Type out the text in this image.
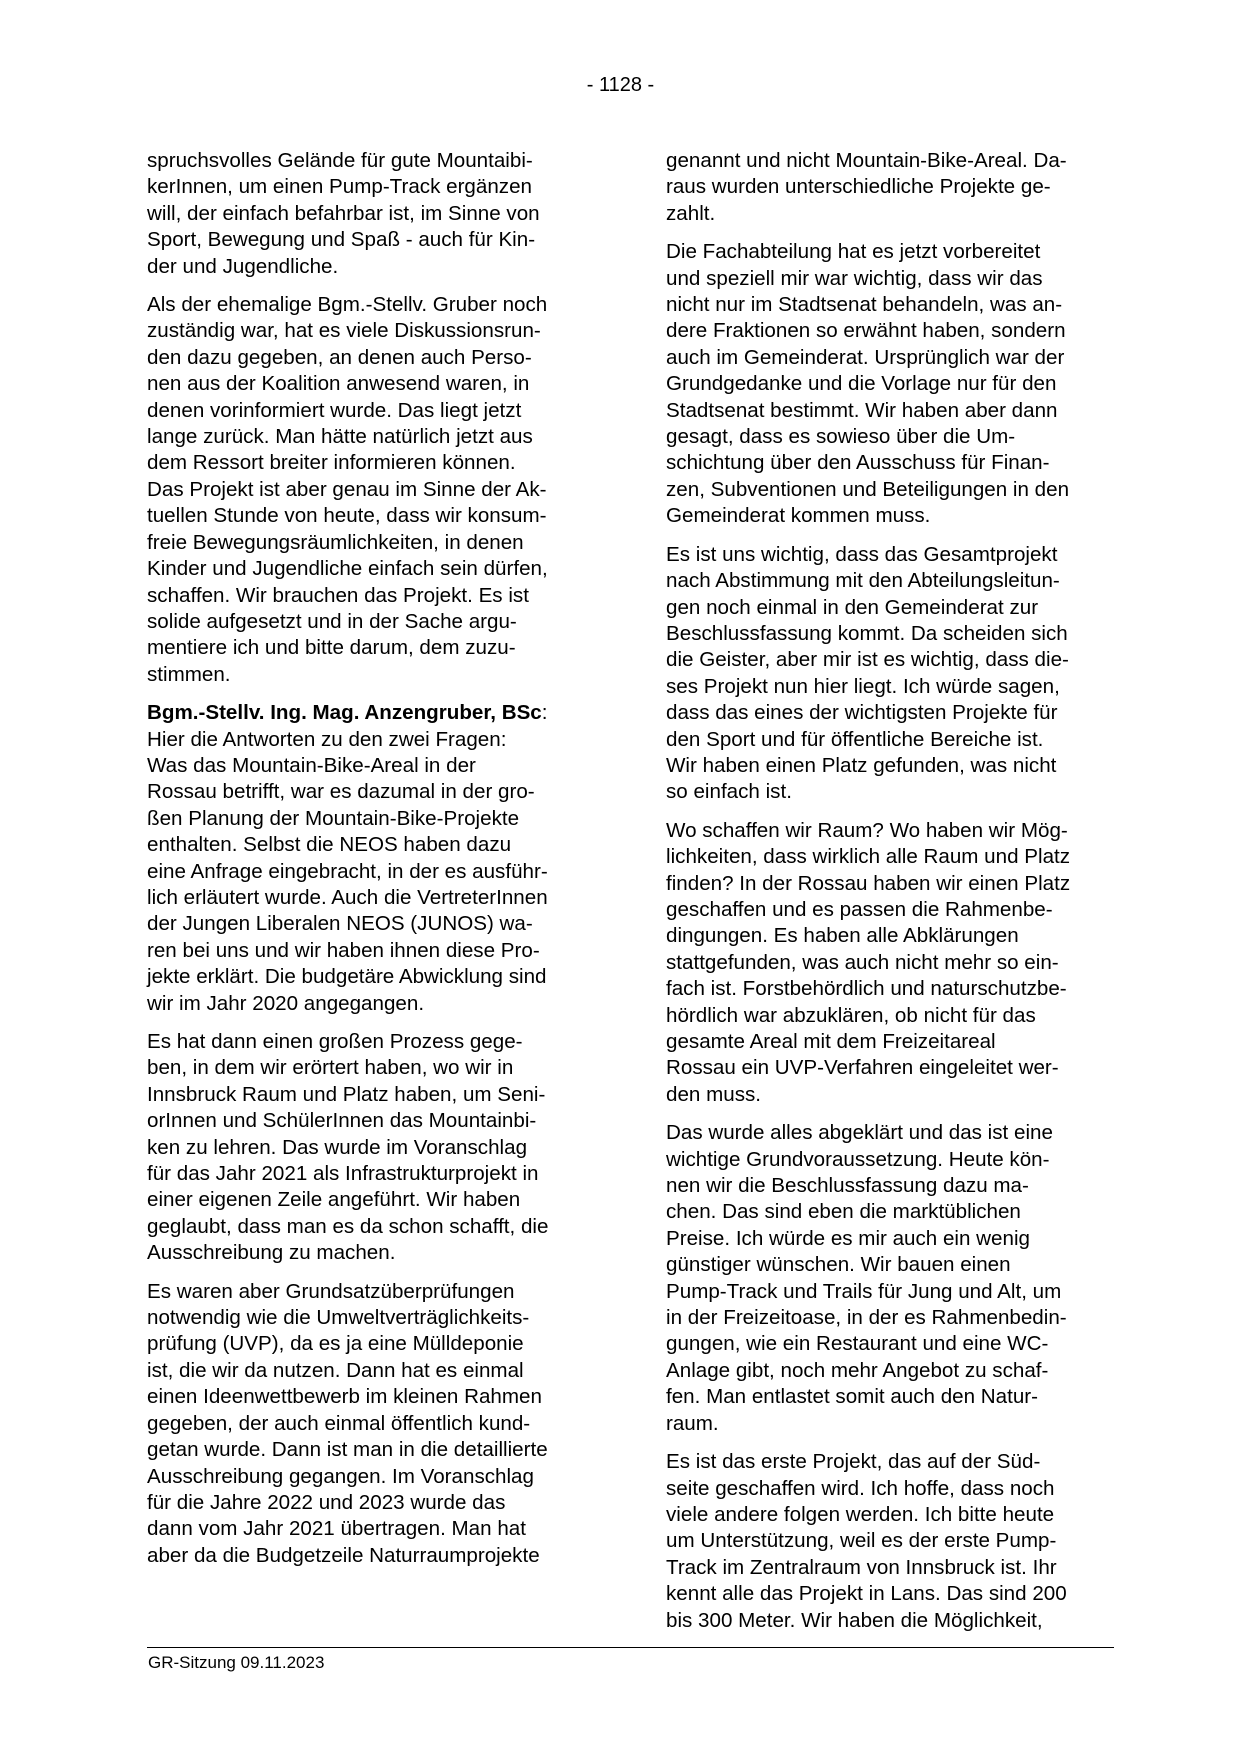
- 1128 -

spruchsvolles Gelände für gute Mountaibi-
kerInnen, um einen Pump-Track ergänzen
will, der einfach befahrbar ist, im Sinne von
Sport, Bewegung und Spaß - auch für Kin-
der und Jugendliche.

Als der ehemalige Bgm.-Stellv. Gruber noch
zuständig war, hat es viele Diskussionsrun-
den dazu gegeben, an denen auch Perso-
nen aus der Koalition anwesend waren, in
denen vorinformiert wurde. Das liegt jetzt
lange zurück. Man hätte natürlich jetzt aus
dem Ressort breiter informieren können.
Das Projekt ist aber genau im Sinne der Ak-
tuellen Stunde von heute, dass wir konsum-
freie Bewegungsräumlichkeiten, in denen
Kinder und Jugendliche einfach sein dürfen,
schaffen. Wir brauchen das Projekt. Es ist
solide aufgesetzt und in der Sache argu-
mentiere ich und bitte darum, dem zuzu-
stimmen.

Bgm.-Stellv. Ing. Mag. Anzengruber, BSc:
Hier die Antworten zu den zwei Fragen:
Was das Mountain-Bike-Areal in der
Rossau betrifft, war es dazumal in der gro-
ßen Planung der Mountain-Bike-Projekte
enthalten. Selbst die NEOS haben dazu
eine Anfrage eingebracht, in der es ausführ-
lich erläutert wurde. Auch die VertreterInnen
der Jungen Liberalen NEOS (JUNOS) wa-
ren bei uns und wir haben ihnen diese Pro-
jekte erklärt. Die budgetäre Abwicklung sind
wir im Jahr 2020 angegangen.

Es hat dann einen großen Prozess gege-
ben, in dem wir erörtert haben, wo wir in
Innsbruck Raum und Platz haben, um Seni-
orInnen und SchülerInnen das Mountainbi-
ken zu lehren. Das wurde im Voranschlag
für das Jahr 2021 als Infrastrukturprojekt in
einer eigenen Zeile angeführt. Wir haben
geglaubt, dass man es da schon schafft, die
Ausschreibung zu machen.

Es waren aber Grundsatzüberprüfungen
notwendig wie die Umweltverträglichkeits-
prüfung (UVP), da es ja eine Mülldeponie
ist, die wir da nutzen. Dann hat es einmal
einen Ideenwettbewerb im kleinen Rahmen
gegeben, der auch einmal öffentlich kund-
getan wurde. Dann ist man in die detaillierte
Ausschreibung gegangen. Im Voranschlag
für die Jahre 2022 und 2023 wurde das
dann vom Jahr 2021 übertragen. Man hat
aber da die Budgetzeile Naturraumprojekte

genannt und nicht Mountain-Bike-Areal. Da-
raus wurden unterschiedliche Projekte ge-
zahlt.

Die Fachabteilung hat es jetzt vorbereitet
und speziell mir war wichtig, dass wir das
nicht nur im Stadtsenat behandeln, was an-
dere Fraktionen so erwähnt haben, sondern
auch im Gemeinderat. Ursprünglich war der
Grundgedanke und die Vorlage nur für den
Stadtsenat bestimmt. Wir haben aber dann
gesagt, dass es sowieso über die Um-
schichtung über den Ausschuss für Finan-
zen, Subventionen und Beteiligungen in den
Gemeinderat kommen muss.

Es ist uns wichtig, dass das Gesamtprojekt
nach Abstimmung mit den Abteilungsleitun-
gen noch einmal in den Gemeinderat zur
Beschlussfassung kommt. Da scheiden sich
die Geister, aber mir ist es wichtig, dass die-
ses Projekt nun hier liegt. Ich würde sagen,
dass das eines der wichtigsten Projekte für
den Sport und für öffentliche Bereiche ist.
Wir haben einen Platz gefunden, was nicht
so einfach ist.

Wo schaffen wir Raum? Wo haben wir Mög-
lichkeiten, dass wirklich alle Raum und Platz
finden? In der Rossau haben wir einen Platz
geschaffen und es passen die Rahmenbe-
dingungen. Es haben alle Abklärungen
stattgefunden, was auch nicht mehr so ein-
fach ist. Forstbehördlich und naturschutzbe-
hördlich war abzuklären, ob nicht für das
gesamte Areal mit dem Freizeitareal
Rossau ein UVP-Verfahren eingeleitet wer-
den muss.

Das wurde alles abgeklärt und das ist eine
wichtige Grundvoraussetzung. Heute kön-
nen wir die Beschlussfassung dazu ma-
chen. Das sind eben die marktüblichen
Preise. Ich würde es mir auch ein wenig
günstiger wünschen. Wir bauen einen
Pump-Track und Trails für Jung und Alt, um
in der Freizeitoase, in der es Rahmenbedin-
gungen, wie ein Restaurant und eine WC-
Anlage gibt, noch mehr Angebot zu schaf-
fen. Man entlastet somit auch den Natur-
raum.

Es ist das erste Projekt, das auf der Süd-
seite geschaffen wird. Ich hoffe, dass noch
viele andere folgen werden. Ich bitte heute
um Unterstützung, weil es der erste Pump-
Track im Zentralraum von Innsbruck ist. Ihr
kennt alle das Projekt in Lans. Das sind 200
bis 300 Meter. Wir haben die Möglichkeit,

GR-Sitzung 09.11.2023
